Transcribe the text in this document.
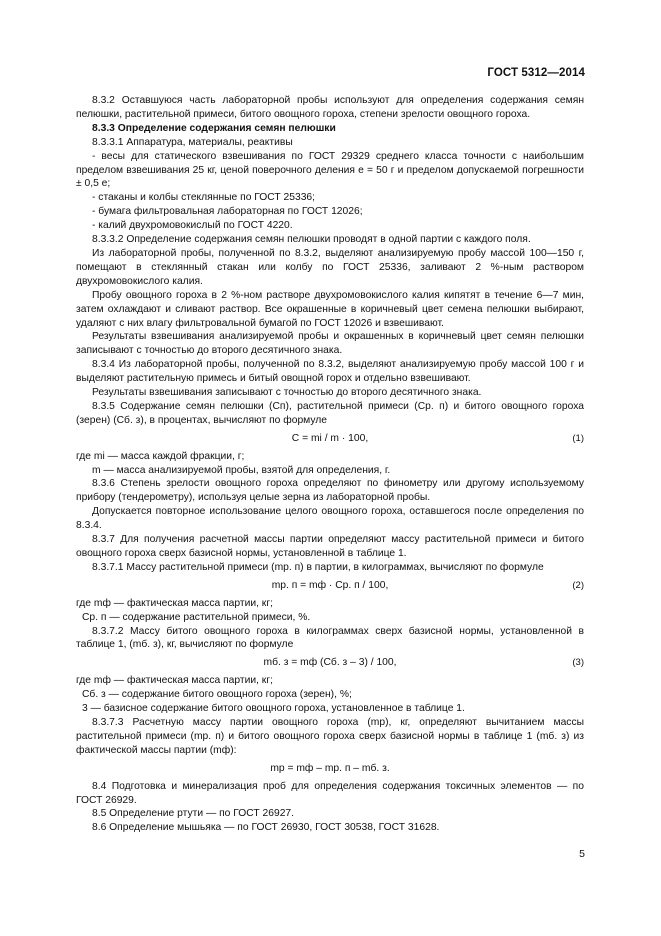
ГОСТ 5312—2014

8.3.2 Оставшуюся часть лабораторной пробы используют для определения содержания семян пелюшки, растительной примеси, битого овощного гороха, степени зрелости овощного гороха.

8.3.3 Определение содержания семян пелюшки

8.3.3.1 Аппаратура, материалы, реактивы

- весы для статического взвешивания по ГОСТ 29329 среднего класса точности с наибольшим пределом взвешивания 25 кг, ценой поверочного деления е = 50 г и пределом допускаемой погрешности ± 0,5 е;

- стаканы и колбы стеклянные по ГОСТ 25336;

- бумага фильтровальная лабораторная по ГОСТ 12026;

- калий двухромовокислый по ГОСТ 4220.

8.3.3.2 Определение содержания семян пелюшки проводят в одной партии с каждого поля.

Из лабораторной пробы, полученной по 8.3.2, выделяют анализируемую пробу массой 100—150 г, помещают в стеклянный стакан или колбу по ГОСТ 25336, заливают 2 %-ным раствором двухромовокислого калия.

Пробу овощного гороха в 2 %-ном растворе двухромовокислого калия кипятят в течение 6—7 мин, затем охлаждают и сливают раствор. Все окрашенные в коричневый цвет семена пелюшки выбирают, удаляют с них влагу фильтровальной бумагой по ГОСТ 12026 и взвешивают.

Результаты взвешивания анализируемой пробы и окрашенных в коричневый цвет семян пелюшки записывают с точностью до второго десятичного знака.

8.3.4 Из лабораторной пробы, полученной по 8.3.2, выделяют анализируемую пробу массой 100 г и выделяют растительную примесь и битый овощной горох и отдельно взвешивают.

Результаты взвешивания записывают с точностью до второго десятичного знака.

8.3.5 Содержание семян пелюшки (Сп), растительной примеси (Ср. п) и битого овощного гороха (зерен) (Сб. з), в процентах, вычисляют по формуле

C = mi / m · 100,	(1)

где mi — масса каждой фракции, г;

m — масса анализируемой пробы, взятой для определения, г.

8.3.6 Степень зрелости овощного гороха определяют по финометру или другому используемому прибору (тендерометру), используя целые зерна из лабораторной пробы.

Допускается повторное использование целого овощного гороха, оставшегося после определения по 8.3.4.

8.3.7 Для получения расчетной массы партии определяют массу растительной примеси и битого овощного гороха сверх базисной нормы, установленной в таблице 1.

8.3.7.1 Массу растительной примеси (mр. п) в партии, в килограммах, вычисляют по формуле

mр. п = mф · Ср. п / 100,	(2)

где mф — фактическая масса партии, кг;

Ср. п — содержание растительной примеси, %.

8.3.7.2 Массу битого овощного гороха в килограммах сверх базисной нормы, установленной в таблице 1, (mб. з), кг, вычисляют по формуле

mб. з = mф (Сб. з – 3) / 100,	(3)

где mф — фактическая масса партии, кг;

Сб. з — содержание битого овощного гороха (зерен), %;

3 — базисное содержание битого овощного гороха, установленное в таблице 1.

8.3.7.3 Расчетную массу партии овощного гороха (mр), кг, определяют вычитанием массы растительной примеси (mр. п) и битого овощного гороха сверх базисной нормы в таблице 1 (mб. з) из фактической массы партии (mф):

mр = mф – mр. п – mб. з.

8.4 Подготовка и минерализация проб для определения содержания токсичных элементов — по ГОСТ 26929.

8.5 Определение ртути — по ГОСТ 26927.

8.6 Определение мышьяка — по ГОСТ 26930, ГОСТ 30538, ГОСТ 31628.

5
